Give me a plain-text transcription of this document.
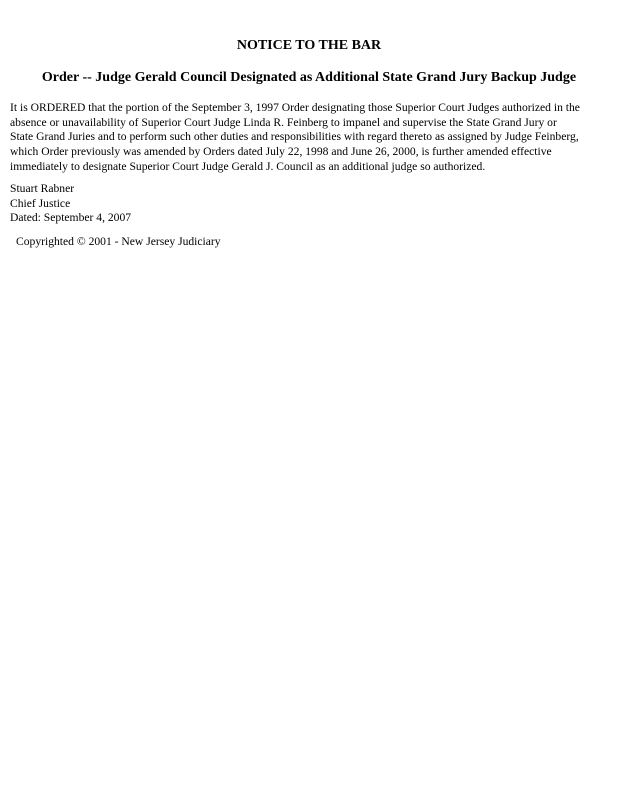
NOTICE TO THE BAR
Order -- Judge Gerald Council Designated as Additional State Grand Jury Backup Judge

It is ORDERED that the portion of the September 3, 1997 Order designating those Superior Court Judges authorized in the
absence or unavailability of Superior Court Judge Linda R. Feinberg to impanel and supervise the State Grand Jury or
State Grand Juries and to perform such other duties and responsibilities with regard thereto as assigned by Judge Feinberg,
which Order previously was amended by Orders dated July 22, 1998 and June 26, 2000, is further amended effective
immediately to designate Superior Court Judge Gerald J. Council as an additional judge so authorized.

Stuart Rabner
Chief Justice
Dated: September 4, 2007
Copyrighted © 2001 - New Jersey Judiciary
